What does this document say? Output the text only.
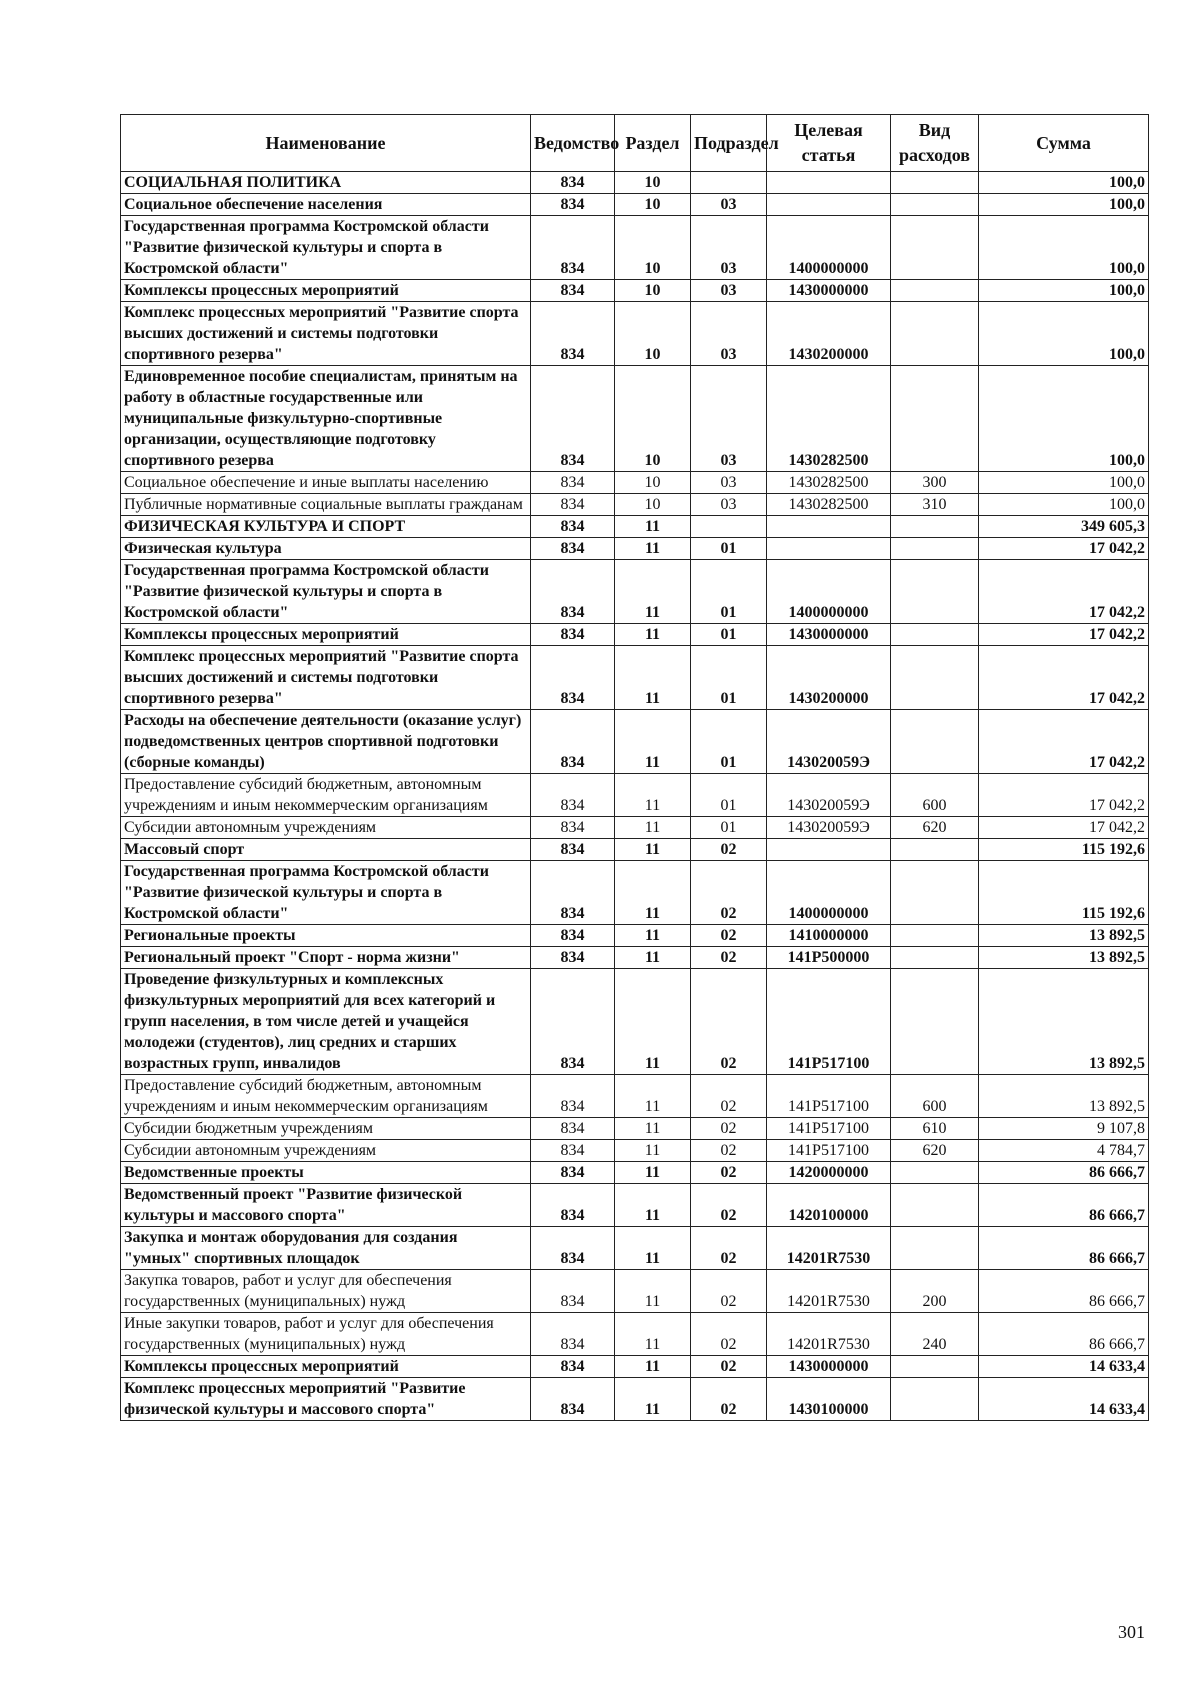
Наименование	Ведомство	Раздел	Подраздел	Целевая статья	Вид расходов	Сумма
СОЦИАЛЬНАЯ ПОЛИТИКА	834	10				100,0
Социальное обеспечение населения	834	10	03			100,0
Государственная программа Костромской области "Развитие физической культуры и спорта в Костромской области"	834	10	03	1400000000		100,0
Комплексы процессных мероприятий	834	10	03	1430000000		100,0
Комплекс процессных мероприятий "Развитие спорта высших достижений и системы подготовки спортивного резерва"	834	10	03	1430200000		100,0
Единовременное пособие специалистам, принятым на работу в областные государственные или муниципальные физкультурно-спортивные организации, осуществляющие подготовку спортивного резерва	834	10	03	1430282500		100,0
Социальное обеспечение и иные выплаты населению	834	10	03	1430282500	300	100,0
Публичные нормативные социальные выплаты гражданам	834	10	03	1430282500	310	100,0
ФИЗИЧЕСКАЯ КУЛЬТУРА И СПОРТ	834	11				349 605,3
Физическая культура	834	11	01			17 042,2
Государственная программа Костромской области "Развитие физической культуры и спорта в Костромской области"	834	11	01	1400000000		17 042,2
Комплексы процессных мероприятий	834	11	01	1430000000		17 042,2
Комплекс процессных мероприятий "Развитие спорта высших достижений и системы подготовки спортивного резерва"	834	11	01	1430200000		17 042,2
Расходы на обеспечение деятельности (оказание услуг) подведомственных центров спортивной подготовки (сборные команды)	834	11	01	143020059Э		17 042,2
Предоставление субсидий бюджетным, автономным учреждениям и иным некоммерческим организациям	834	11	01	143020059Э	600	17 042,2
Субсидии автономным учреждениям	834	11	01	143020059Э	620	17 042,2
Массовый спорт	834	11	02			115 192,6
Государственная программа Костромской области "Развитие физической культуры и спорта в Костромской области"	834	11	02	1400000000		115 192,6
Региональные проекты	834	11	02	1410000000		13 892,5
Региональный проект "Спорт - норма жизни"	834	11	02	141P500000		13 892,5
Проведение физкультурных и комплексных физкультурных мероприятий для всех категорий и групп населения, в том числе детей и учащейся молодежи (студентов), лиц средних и старших возрастных групп, инвалидов	834	11	02	141P517100		13 892,5
Предоставление субсидий бюджетным, автономным учреждениям и иным некоммерческим организациям	834	11	02	141P517100	600	13 892,5
Субсидии бюджетным учреждениям	834	11	02	141P517100	610	9 107,8
Субсидии автономным учреждениям	834	11	02	141P517100	620	4 784,7
Ведомственные проекты	834	11	02	1420000000		86 666,7
Ведомственный проект "Развитие физической культуры и массового спорта"	834	11	02	1420100000		86 666,7
Закупка и монтаж оборудования для создания "умных" спортивных площадок	834	11	02	14201R7530		86 666,7
Закупка товаров, работ и услуг для обеспечения государственных (муниципальных) нужд	834	11	02	14201R7530	200	86 666,7
Иные закупки товаров, работ и услуг для обеспечения государственных (муниципальных) нужд	834	11	02	14201R7530	240	86 666,7
Комплексы процессных мероприятий	834	11	02	1430000000		14 633,4
Комплекс процессных мероприятий "Развитие физической культуры и массового спорта"	834	11	02	1430100000		14 633,4
301
